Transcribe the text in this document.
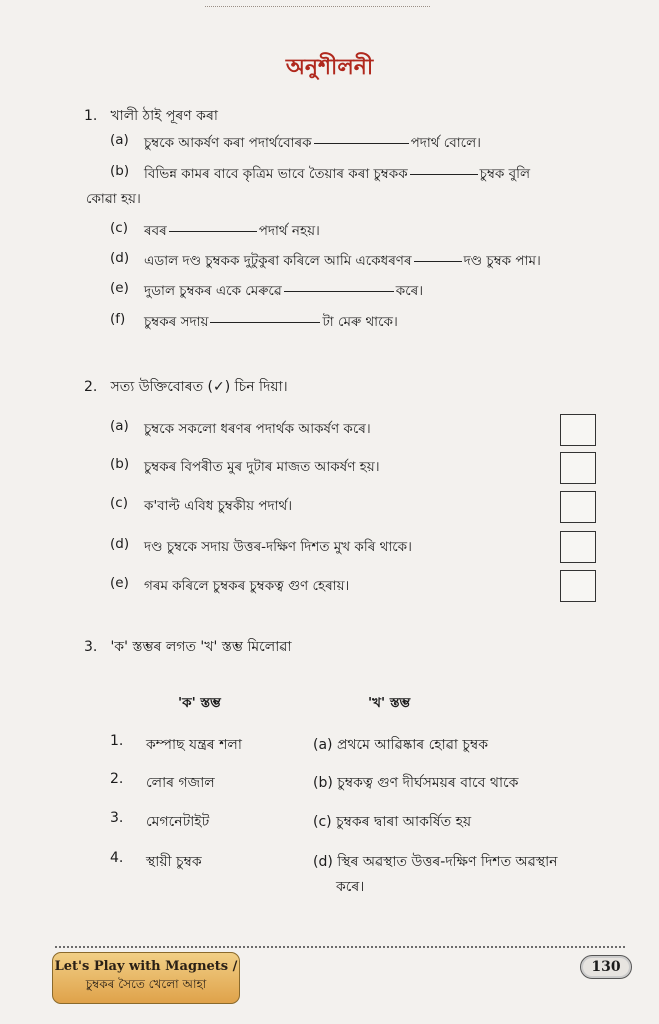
অনুশীলনী
1. খালী ঠাই পূৰণ কৰা
(a) চুম্বকে আকৰ্ষণ কৰা পদাৰ্থবোৰক	পদাৰ্থ বোলে।
(b) বিভিন্ন কামৰ বাবে কৃত্ৰিম ভাবে তৈয়াৰ কৰা চুম্বকক	চুম্বক বুলি
কোৱা হয়।
(c) ৰবৰ	পদাৰ্থ নহয়।
(d) এডাল দণ্ড চুম্বকক দুটুকুৰা কৰিলে আমি একেধৰণৰ	দণ্ড চুম্বক পাম।
(e) দুডাল চুম্বকৰ একে মেৰুৱে	কৰে।
(f) চুম্বকৰ সদায়	টা মেৰু থাকে।
2. সত্য উক্তিবোৰত (✓) চিন দিয়া।
(a) চুম্বকে সকলো ধৰণৰ পদাৰ্থক আকৰ্ষণ কৰে।
(b) চুম্বকৰ বিপৰীত মুৰ দুটাৰ মাজত আকৰ্ষণ হয়।
(c) ক'বাল্ট এবিধ চুম্বকীয় পদাৰ্থ।
(d) দণ্ড চুম্বকে সদায় উত্তৰ-দক্ষিণ দিশত মুখ কৰি থাকে।
(e) গৰম কৰিলে চুম্বকৰ চুম্বকত্ব গুণ হেৰায়।
3. 'ক' স্তম্ভৰ লগত 'খ' স্তম্ভ মিলোৱা
'ক' স্তম্ভ	'খ' স্তম্ভ
1. কম্পাছ যন্ত্ৰৰ শলা	(a) প্ৰথমে আৱিষ্কাৰ হোৱা চুম্বক
2. লোৰ গজাল	(b) চুম্বকত্ব গুণ দীৰ্ঘসময়ৰ বাবে থাকে
3. মেগনেটাইট	(c) চুম্বকৰ দ্বাৰা আকৰ্ষিত হয়
4. স্থায়ী চুম্বক	(d) স্থিৰ অৱস্থাত উত্তৰ-দক্ষিণ দিশত অৱস্থান
কৰে।
Let's Play with Magnets /
চুম্বকৰ সৈতে খেলো আহা
130
